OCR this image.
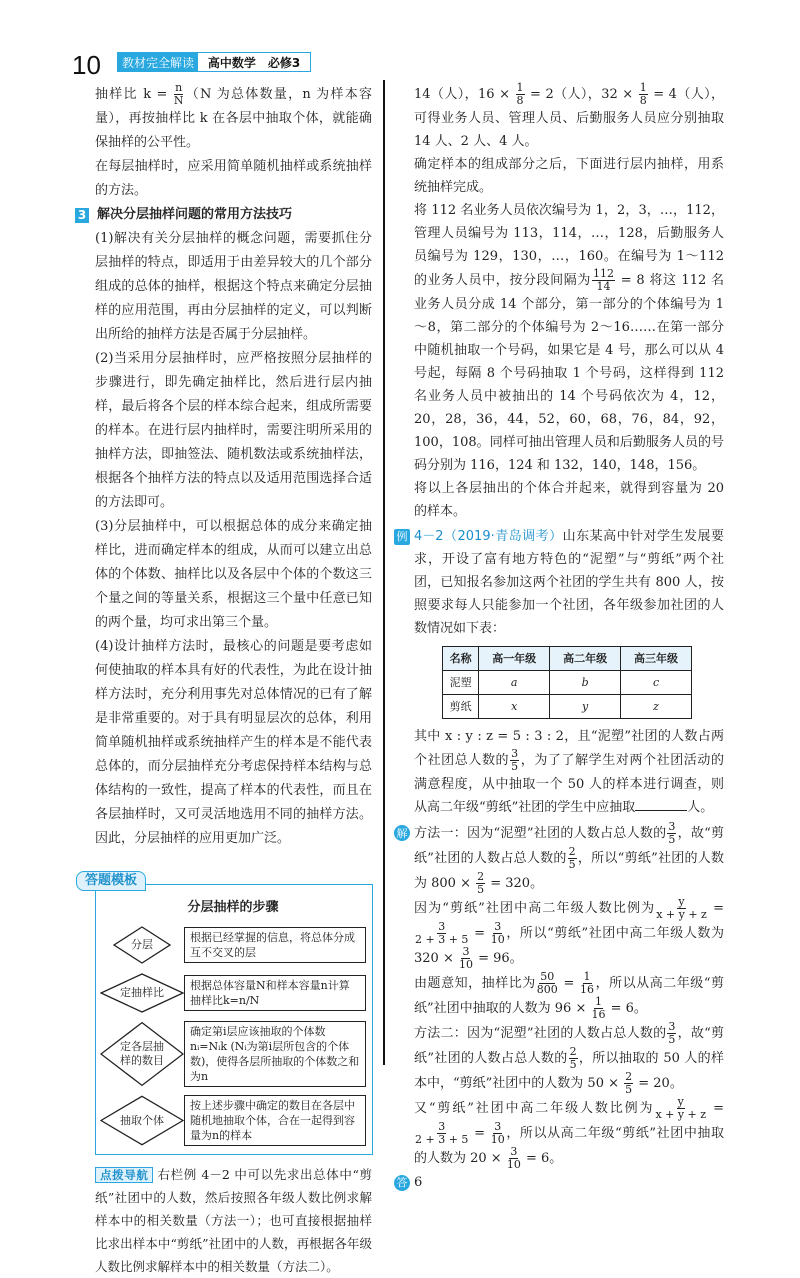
10	教材完全解读	高中数学　必修3

抽样比 $k = \frac{n}{N} (N$ 为总体数量，n 为样本容量），再按抽样比 k 在各层中抽取个体，就能确保抽样的公平性。

在每层抽样时，应采用简单随机抽样或系统抽样的方法。

3 解决分层抽样问题的常用方法技巧

(1)解决有关分层抽样的概念问题，需要抓住分层抽样的特点，即适用于由差异较大的几个部分组成的总体的抽样，根据这个特点来确定分层抽样的应用范围，再由分层抽样的定义，可以判断出所给的抽样方法是否属于分层抽样。

(2)当采用分层抽样时，应严格按照分层抽样的步骤进行，即先确定抽样比，然后进行层内抽样，最后将各个层的样本综合起来，组成所需要的样本。在进行层内抽样时，需要注明所采用的抽样方法，即抽签法、随机数法或系统抽样法，根据各个抽样方法的特点以及适用范围选择合适的方法即可。

(3)分层抽样中，可以根据总体的成分来确定抽样比，进而确定样本的组成，从而可以建立出总体的个体数、抽样比以及各层中个体的个数这三个量之间的等量关系，根据这三个量中任意已知的两个量，均可求出第三个量。

(4)设计抽样方法时，最核心的问题是要考虑如何使抽取的样本具有好的代表性，为此在设计抽样方法时，充分利用事先对总体情况的已有了解是非常重要的。对于具有明显层次的总体，利用简单随机抽样或系统抽样产生的样本是不能代表总体的，而分层抽样充分考虑保持样本结构与总体结构的一致性，提高了样本的代表性，而且在各层抽样时，又可灵活地选用不同的抽样方法。因此，分层抽样的应用更加广泛。

答题模板
分层抽样的步骤
分层
根据已经掌握的信息，将总体分成互不交叉的层
定抽样比
根据总体容量N和样本容量n计算抽样比k=n/N
定各层抽样的数目
确定第i层应该抽取的个体数nᵢ=Nᵢk (Nᵢ为第i层所包含的个体数)，使得各层所抽取的个体数之和为n
抽取个体
按上述步骤中确定的数目在各层中随机地抽取个体，合在一起得到容量为n的样本
点拨导航 右栏例 4－2 中可以先求出总体中“剪纸”社团中的人数，然后按照各年级人数比例求解样本中的相关数量（方法一）；也可直接根据抽样比求出样本中“剪纸”社团中的人数，再根据各年级人数比例求解样本中的相关数量（方法二）。

14（人），$16 \times \frac{1}{8} = 2$（人），$32 \times \frac{1}{8} = 4$（人），可得业务人员、管理人员、后勤服务人员应分别抽取 14 人、2 人、4 人。

确定样本的组成部分之后，下面进行层内抽样，用系统抽样完成。

将 112 名业务人员依次编号为 1，2，3，…，112，管理人员编号为 113，114，…，128，后勤服务人员编号为 129，130，…，160。在编号为 1～112 的业务人员中，按分段间隔为 $\frac{112}{14} = 8$ 将这 112 名业务人员分成 14 个部分，第一部分的个体编号为 1～8，第二部分的个体编号为 2～16……在第一部分中随机抽取一个号码，如果它是 4 号，那么可以从 4 号起，每隔 8 个号码抽取 1 个号码，这样得到 112 名业务人员中被抽出的 14 个号码依次为 4，12，20，28，36，44，52，60，68，76，84，92，100，108。同样可抽出管理人员和后勤服务人员的号码分别为 116，124 和 132，140，148，156。

将以上各层抽出的个体合并起来，就得到容量为 20 的样本。

例 4－2（2019·青岛调考）山东某高中针对学生发展要求，开设了富有地方特色的“泥塑”与“剪纸”两个社团，已知报名参加这两个社团的学生共有 800 人，按照要求每人只能参加一个社团，各年级参加社团的人数情况如下表：

名称	高一年级	高二年级	高三年级
泥塑	a	b	c
剪纸	x	y	z

其中 x : y : z = 5 : 3 : 2，且“泥塑”社团的人数占两个社团总人数的 $\frac{3}{5}$ ，为了了解学生对两个社团活动的满意程度，从中抽取一个 50 人的样本进行调查，则从高二年级“剪纸”社团的学生中应抽取	人。

解 方法一：因为“泥塑”社团的人数占总人数的 $\frac{3}{5}$ ，故“剪纸”社团的人数占总人数的 $\frac{2}{5}$ ，所以“剪纸”社团的人数为 $800 \times \frac{2}{5} = 320$。

因为“剪纸”社团中高二年级人数比例为 $\frac{y}{x + y + z}$ =
$\frac{3}{2 + 3 + 5} = \frac{3}{10}$ ，所以“剪纸”社团中高二年级人数为 $320 \times \frac{3}{10} = 96$。

由题意知，抽样比为 $\frac{50}{800} = \frac{1}{16}$ ，所以从高二年级“剪纸”社团中抽取的人数为 $96 \times \frac{1}{16} = 6$。

方法二：因为“泥塑”社团的人数占总人数的 $\frac{3}{5}$ ，故“剪纸”社团的人数占总人数的 $\frac{2}{5}$ ，所以抽取的 50 人的样本中，“剪纸”社团中的人数为 $50 \times \frac{2}{5} = 20$。

又“剪纸”社团中高二年级人数比例为 $\frac{y}{x + y + z}$ =
$\frac{3}{2 + 3 + 5} = \frac{3}{10}$ ，所以从高二年级“剪纸”社团中抽取的人数为 $20 \times \frac{3}{10} = 6$。

答 6
